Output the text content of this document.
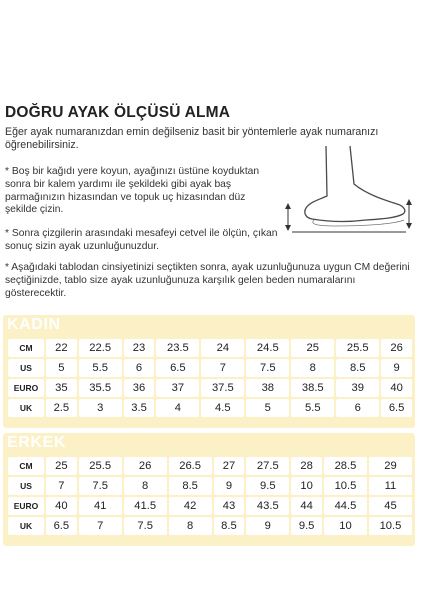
DOĞRU AYAK ÖLÇÜSÜ ALMA

Eğer ayak numaranızdan emin değilseniz basit bir yöntemlerle ayak numaranızı öğrenebilirsiniz.

* Boş bir kağıdı yere koyun, ayağınızı üstüne koyduktan sonra bir kalem yardımı ile şekildeki gibi ayak baş parmağınızın hizasından ve topuk uç hizasından düz şekilde çizin.

* Sonra çizgilerin arasındaki mesafeyi cetvel ile ölçün, çıkan sonuç sizin ayak uzunluğunuzdur.

* Aşağıdaki tablodan cinsiyetinizi seçtikten sonra, ayak uzunluğunuza uygun CM değerini seçtiğinizde, tablo size ayak uzunluğunuza karşılık gelen beden numaralarını gösterecektir.

KADIN
CM	22	22.5	23	23.5	24	24.5	25	25.5	26
US	5	5.5	6	6.5	7	7.5	8	8.5	9
EURO	35	35.5	36	37	37.5	38	38.5	39	40
UK	2.5	3	3.5	4	4.5	5	5.5	6	6.5
ERKEK
CM	25	25.5	26	26.5	27	27.5	28	28.5	29
US	7	7.5	8	8.5	9	9.5	10	10.5	11
EURO	40	41	41.5	42	43	43.5	44	44.5	45
UK	6.5	7	7.5	8	8.5	9	9.5	10	10.5
